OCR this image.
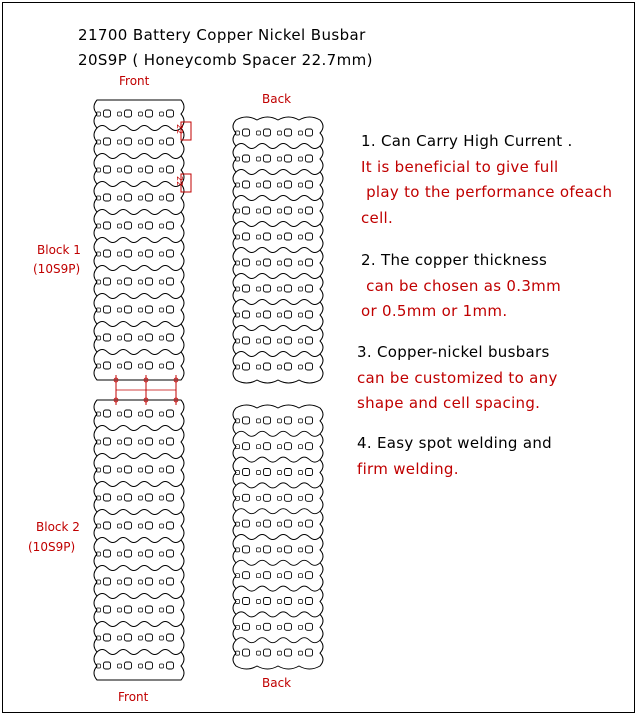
21700 Battery Copper Nickel Busbar
20S9P ( Honeycomb Spacer 22.7mm)
Front
Back
Front
Back
Block 1
(10S9P)
Block 2
(10S9P)
22
22
1. Can Carry High Current .
It is beneficial to give full
play to the performance ofeach
cell.
2. The copper thickness
can be chosen as 0.3mm
or 0.5mm or 1mm.
3. Copper-nickel busbars
can be customized to any
shape and cell spacing.
4. Easy spot welding and
firm welding.
